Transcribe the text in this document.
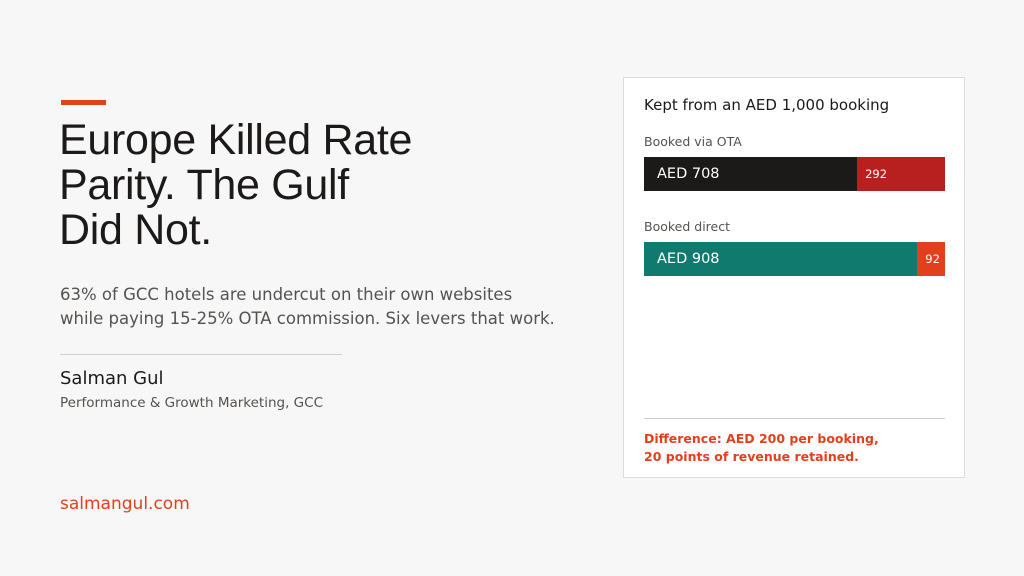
Europe Killed Rate
Parity. The Gulf
Did Not.

63% of GCC hotels are undercut on their own websites
while paying 15-25% OTA commission. Six levers that work.

Salman Gul
Performance & Growth Marketing, GCC
salmangul.com
Kept from an AED 1,000 booking
Booked via OTA
AED 708	292
Booked direct
AED 908	92
Difference: AED 200 per booking,
20 points of revenue retained.
